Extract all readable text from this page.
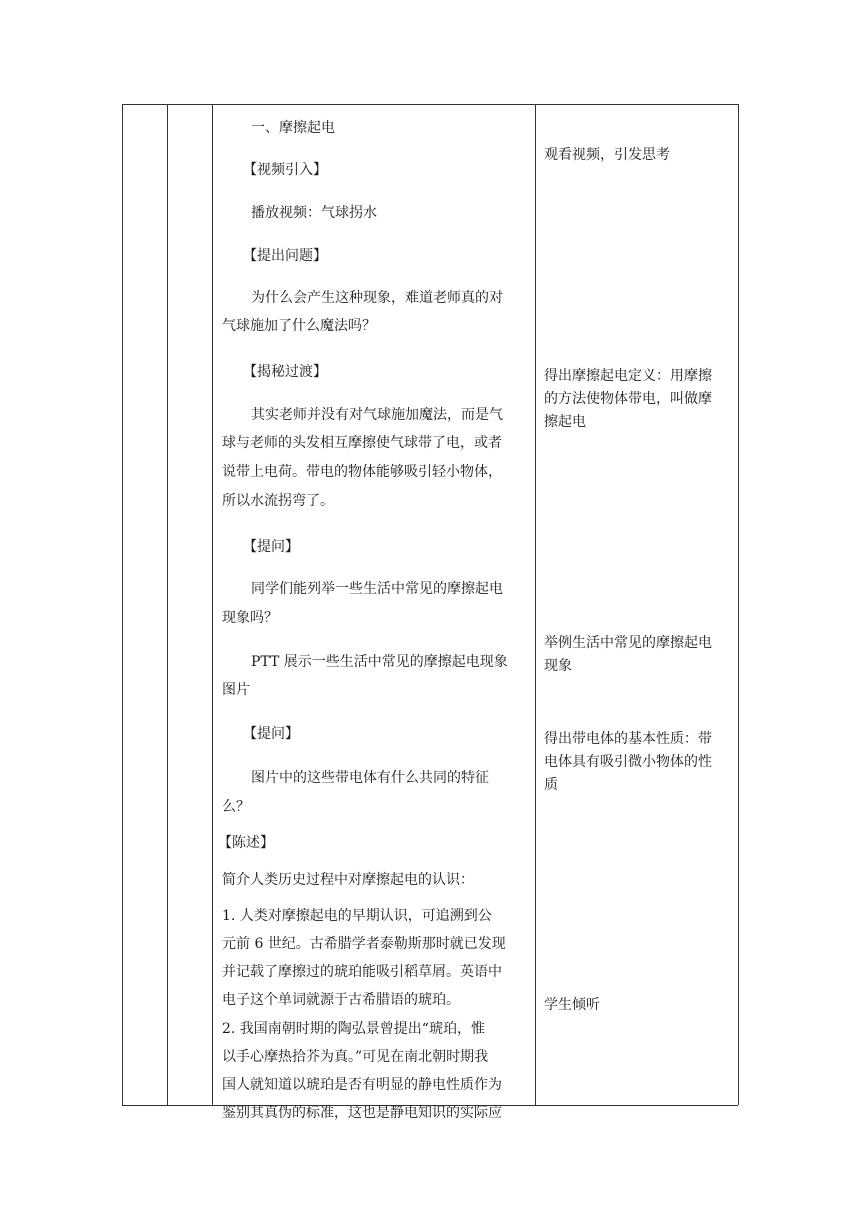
一、摩擦起电
【视频引入】
播放视频：气球拐水
【提出问题】
为什么会产生这种现象，难道老师真的对
气球施加了什么魔法吗？
【揭秘过渡】
其实老师并没有对气球施加魔法，而是气
球与老师的头发相互摩擦使气球带了电，或者
说带上电荷。带电的物体能够吸引轻小物体，
所以水流拐弯了。
【提问】
同学们能列举一些生活中常见的摩擦起电
现象吗？
PTT 展示一些生活中常见的摩擦起电现象
图片
【提问】
图片中的这些带电体有什么共同的特征
么？
【陈述】
简介人类历史过程中对摩擦起电的认识：
1. 人类对摩擦起电的早期认识，可追溯到公
元前 6 世纪。古希腊学者泰勒斯那时就已发现
并记载了摩擦过的琥珀能吸引稻草屑。英语中
电子这个单词就源于古希腊语的琥珀。
2. 我国南朝时期的陶弘景曾提出“琥珀，惟
以手心摩热拾芥为真。”可见在南北朝时期我
国人就知道以琥珀是否有明显的静电性质作为
鉴别其真伪的标准，这也是静电知识的实际应
观看视频，引发思考
得出摩擦起电定义：用摩擦
的方法使物体带电，叫做摩
擦起电
举例生活中常见的摩擦起电
现象
得出带电体的基本性质：带
电体具有吸引微小物体的性
质
学生倾听
